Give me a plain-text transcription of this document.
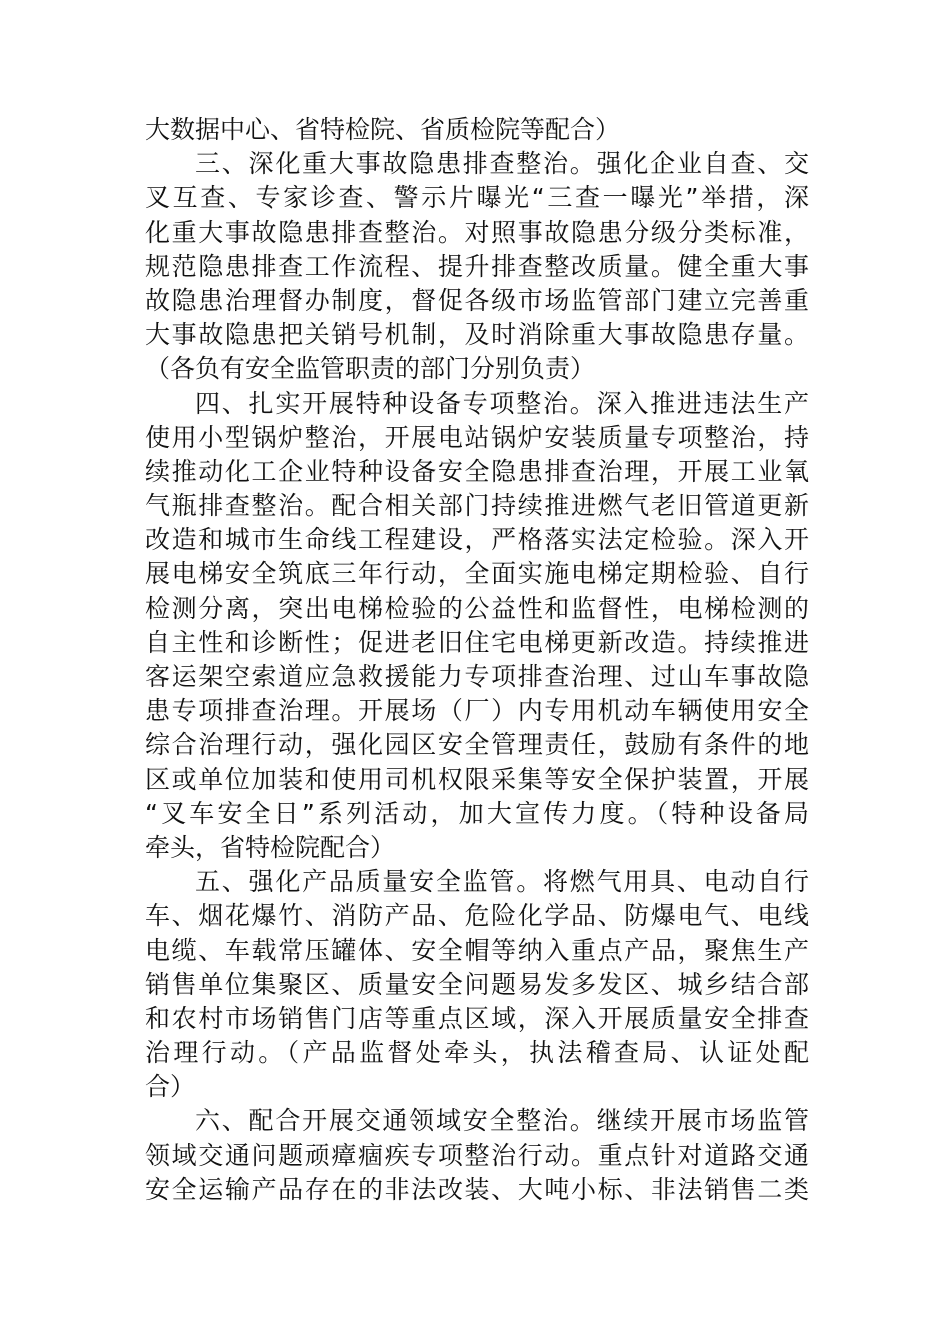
大数据中心、省特检院、省质检院等配合）
三、深化重大事故隐患排查整治。强化企业自查、交
叉互查、专家诊查、警示片曝光“三查一曝光”举措，深
化重大事故隐患排查整治。对照事故隐患分级分类标准，
规范隐患排查工作流程、提升排查整改质量。健全重大事
故隐患治理督办制度，督促各级市场监管部门建立完善重
大事故隐患把关销号机制，及时消除重大事故隐患存量。
（各负有安全监管职责的部门分别负责）
四、扎实开展特种设备专项整治。深入推进违法生产
使用小型锅炉整治，开展电站锅炉安装质量专项整治，持
续推动化工企业特种设备安全隐患排查治理，开展工业氧
气瓶排查整治。配合相关部门持续推进燃气老旧管道更新
改造和城市生命线工程建设，严格落实法定检验。深入开
展电梯安全筑底三年行动，全面实施电梯定期检验、自行
检测分离，突出电梯检验的公益性和监督性，电梯检测的
自主性和诊断性；促进老旧住宅电梯更新改造。持续推进
客运架空索道应急救援能力专项排查治理、过山车事故隐
患专项排查治理。开展场（厂）内专用机动车辆使用安全
综合治理行动，强化园区安全管理责任，鼓励有条件的地
区或单位加装和使用司机权限采集等安全保护装置，开展
“叉车安全日”系列活动，加大宣传力度。（特种设备局
牵头，省特检院配合）
五、强化产品质量安全监管。将燃气用具、电动自行
车、烟花爆竹、消防产品、危险化学品、防爆电气、电线
电缆、车载常压罐体、安全帽等纳入重点产品，聚焦生产
销售单位集聚区、质量安全问题易发多发区、城乡结合部
和农村市场销售门店等重点区域，深入开展质量安全排查
治理行动。（产品监督处牵头，执法稽查局、认证处配
合）
六、配合开展交通领域安全整治。继续开展市场监管
领域交通问题顽瘴痼疾专项整治行动。重点针对道路交通
安全运输产品存在的非法改装、大吨小标、非法销售二类
